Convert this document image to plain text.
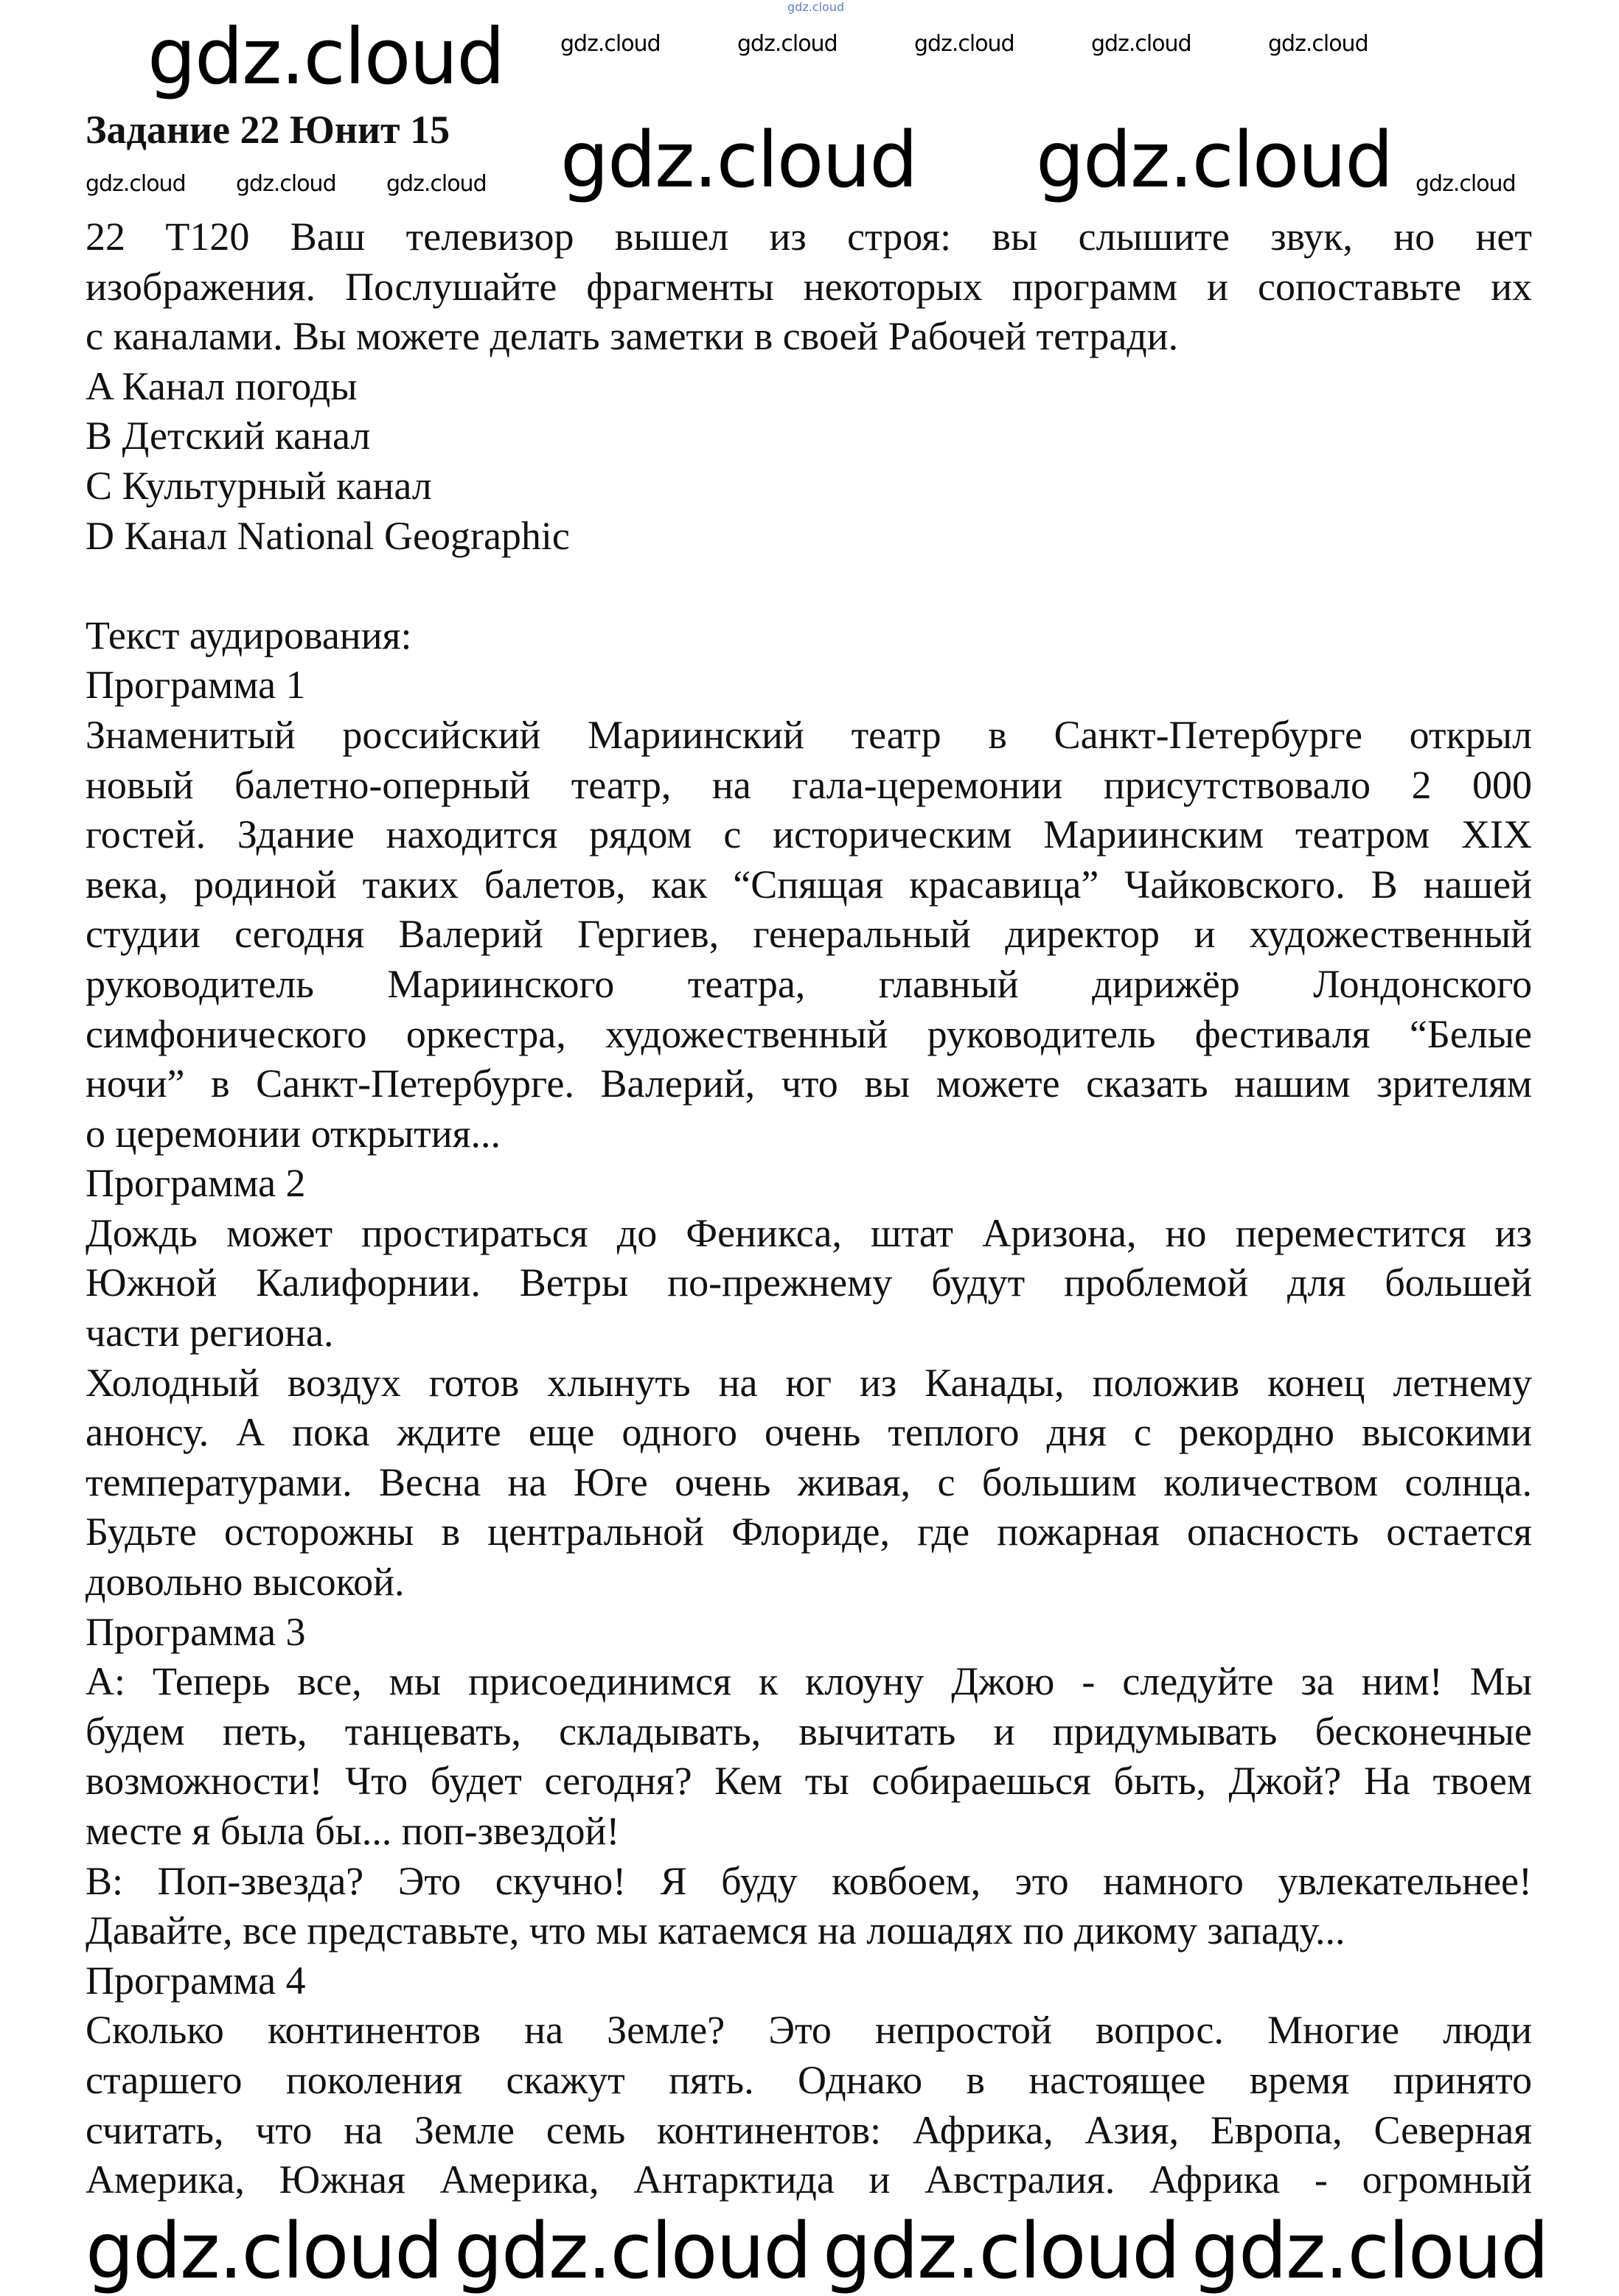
Задание 22 Юнит 15
22 T120 Ваш телевизор вышел из строя: вы слышите звук, но нет
изображения. Послушайте фрагменты некоторых программ и сопоставьте их
с каналами. Вы можете делать заметки в своей Рабочей тетради.
A Канал погоды
B Детский канал
C Культурный канал
D Канал National Geographic
Текст аудирования:
Программа 1
Знаменитый российский Мариинский театр в Санкт-Петербурге открыл
новый балетно-оперный театр, на гала-церемонии присутствовало 2 000
гостей. Здание находится рядом с историческим Мариинским театром XIX
века, родиной таких балетов, как “Спящая красавица” Чайковского. В нашей
студии сегодня Валерий Гергиев, генеральный директор и художественный
руководитель Мариинского театра, главный дирижёр Лондонского
симфонического оркестра, художественный руководитель фестиваля “Белые
ночи” в Санкт-Петербурге. Валерий, что вы можете сказать нашим зрителям
о церемонии открытия...
Программа 2
Дождь может простираться до Феникса, штат Аризона, но переместится из
Южной Калифорнии. Ветры по-прежнему будут проблемой для большей
части региона.
Холодный воздух готов хлынуть на юг из Канады, положив конец летнему
анонсу. А пока ждите еще одного очень теплого дня с рекордно высокими
температурами. Весна на Юге очень живая, с большим количеством солнца.
Будьте осторожны в центральной Флориде, где пожарная опасность остается
довольно высокой.
Программа 3
A: Теперь все, мы присоединимся к клоуну Джою - следуйте за ним! Мы
будем петь, танцевать, складывать, вычитать и придумывать бесконечные
возможности! Что будет сегодня? Кем ты собираешься быть, Джой? На твоем
месте я была бы... поп-звездой!
B: Поп-звезда? Это скучно! Я буду ковбоем, это намного увлекательнее!
Давайте, все представьте, что мы катаемся на лошадях по дикому западу...
Программа 4
Сколько континентов на Земле? Это непростой вопрос. Многие люди
старшего поколения скажут пять. Однако в настоящее время принято
считать, что на Земле семь континентов: Африка, Азия, Европа, Северная
Америка, Южная Америка, Антарктида и Австралия. Африка - огромный
gdz.cloud
gdz.cloud
gdz.cloud gdz.cloud
gdz.cloud gdz.cloud gdz.cloud gdz.cloud
gdz.cloud gdz.cloud gdz.cloud	gdz.cloud
gdz.cloud	gdz.cloud	gdz.cloud	gdz.cloud	gdz.cloud
